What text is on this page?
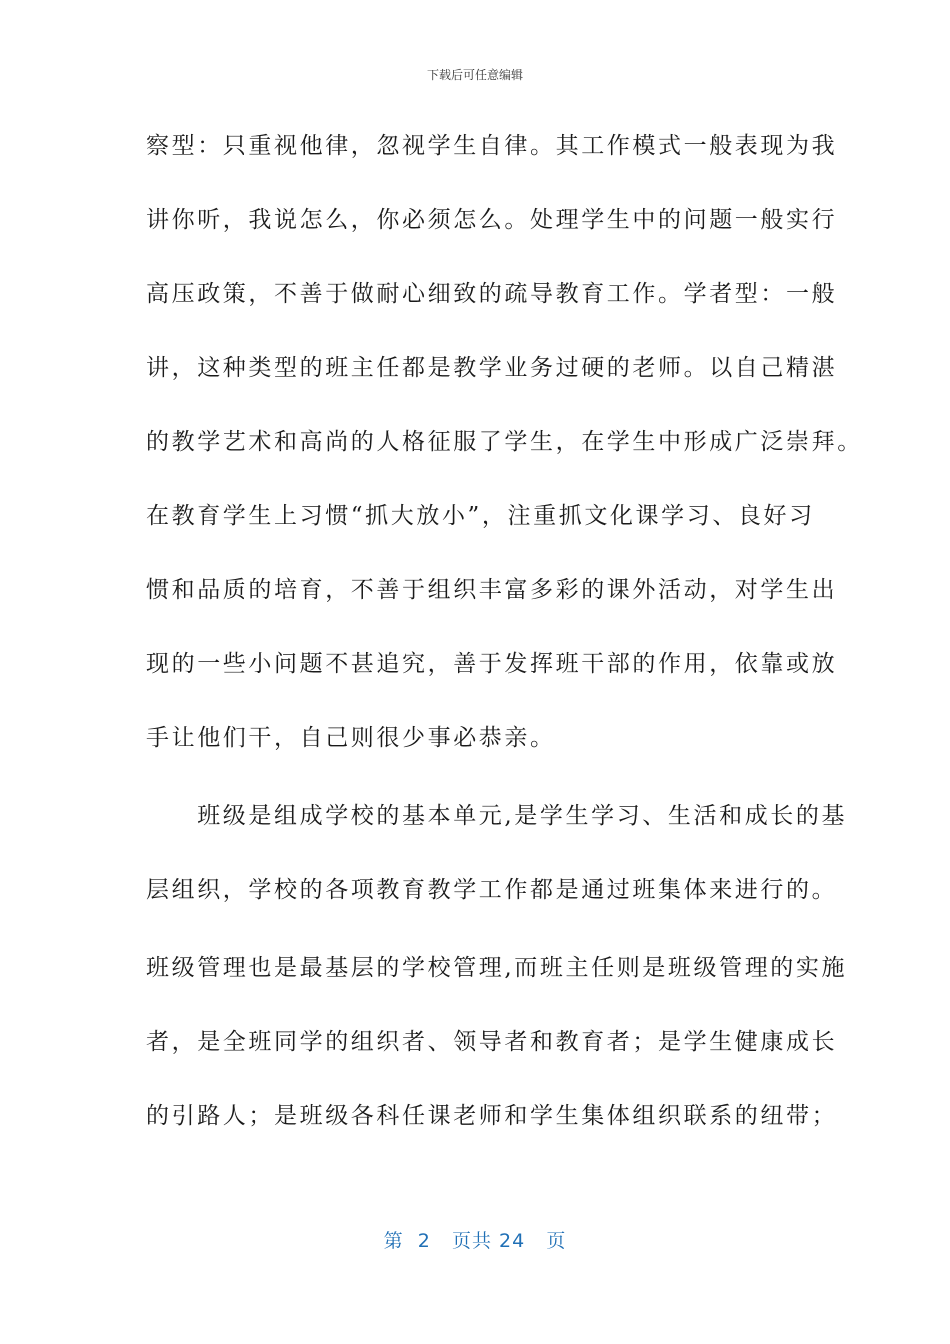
下载后可任意编辑
察型：只重视他律，忽视学生自律。其工作模式一般表现为我
讲你听，我说怎么，你必须怎么。处理学生中的问题一般实行
高压政策，不善于做耐心细致的疏导教育工作。学者型：一般
讲，这种类型的班主任都是教学业务过硬的老师。以自己精湛
的教学艺术和高尚的人格征服了学生，在学生中形成广泛崇拜。
在教育学生上习惯“抓大放小”，注重抓文化课学习、良好习
惯和品质的培育，不善于组织丰富多彩的课外活动，对学生出
现的一些小问题不甚追究，善于发挥班干部的作用，依靠或放
手让他们干，自己则很少事必恭亲。
　　班级是组成学校的基本单元,是学生学习、生活和成长的基
层组织，学校的各项教育教学工作都是通过班集体来进行的。
班级管理也是最基层的学校管理,而班主任则是班级管理的实施
者，是全班同学的组织者、领导者和教育者；是学生健康成长
的引路人；是班级各科任课老师和学生集体组织联系的纽带；
第 2 页共 24 页
